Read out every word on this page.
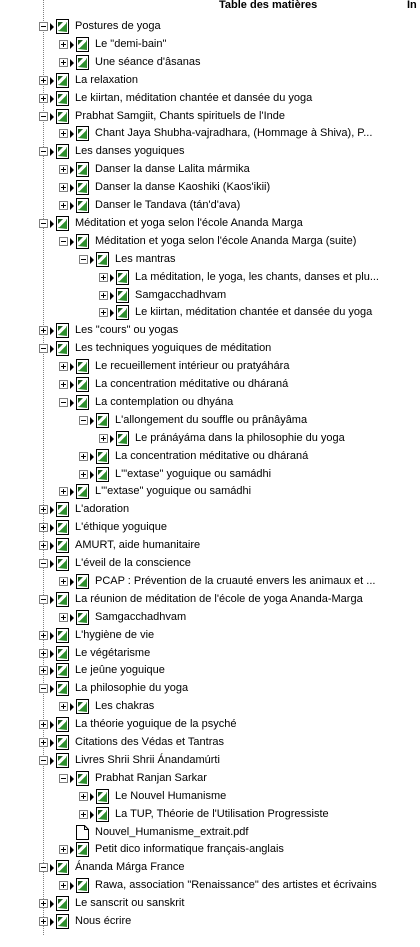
Table des matières	In
Postures de yoga
Le "demi-bain"
Une séance d'âsanas
La relaxation
Le kiirtan, méditation chantée et dansée du yoga
Prabhat Samgiit, Chants spirituels de l'Inde
Chant Jaya Shubha-vajradhara, (Hommage à Shiva), P...
Les danses yoguiques
Danser la danse Lalita mármika
Danser la danse Kaoshiki (Kaos'ikii)
Danser le Tandava (tán'd'ava)
Méditation et yoga selon l'école Ananda Marga
Méditation et yoga selon l'école Ananda Marga (suite)
Les mantras
La méditation, le yoga, les chants, danses et plu...
Samgacchadhvam
Le kiirtan, méditation chantée et dansée du yoga
Les "cours" ou yogas
Les techniques yoguiques de méditation
Le recueillement intérieur ou pratyáhára
La concentration méditative ou dháraná
La contemplation ou dhyána
L'allongement du souffle ou prânâyâma
Le pránáyáma dans la philosophie du yoga
La concentration méditative ou dháraná
L'"extase" yoguique ou samádhi
L'"extase" yoguique ou samádhi
L'adoration
L'éthique yoguique
AMURT, aide humanitaire
L'éveil de la conscience
PCAP : Prévention de la cruauté envers les animaux et ...
La réunion de méditation de l'école de yoga Ananda-Marga
Samgacchadhvam
L'hygiène de vie
Le végétarisme
Le jeûne yoguique
La philosophie du yoga
Les chakras
La théorie yoguique de la psyché
Citations des Védas et Tantras
Livres Shrii Shrii Ánandamúrti
Prabhat Ranjan Sarkar
Le Nouvel Humanisme
La TUP, Théorie de l'Utilisation Progressiste
Nouvel_Humanisme_extrait.pdf
Petit dico informatique français-anglais
Ánanda Márga France
Rawa, association "Renaissance" des artistes et écrivains
Le sanscrit ou sanskrit
Nous écrire
